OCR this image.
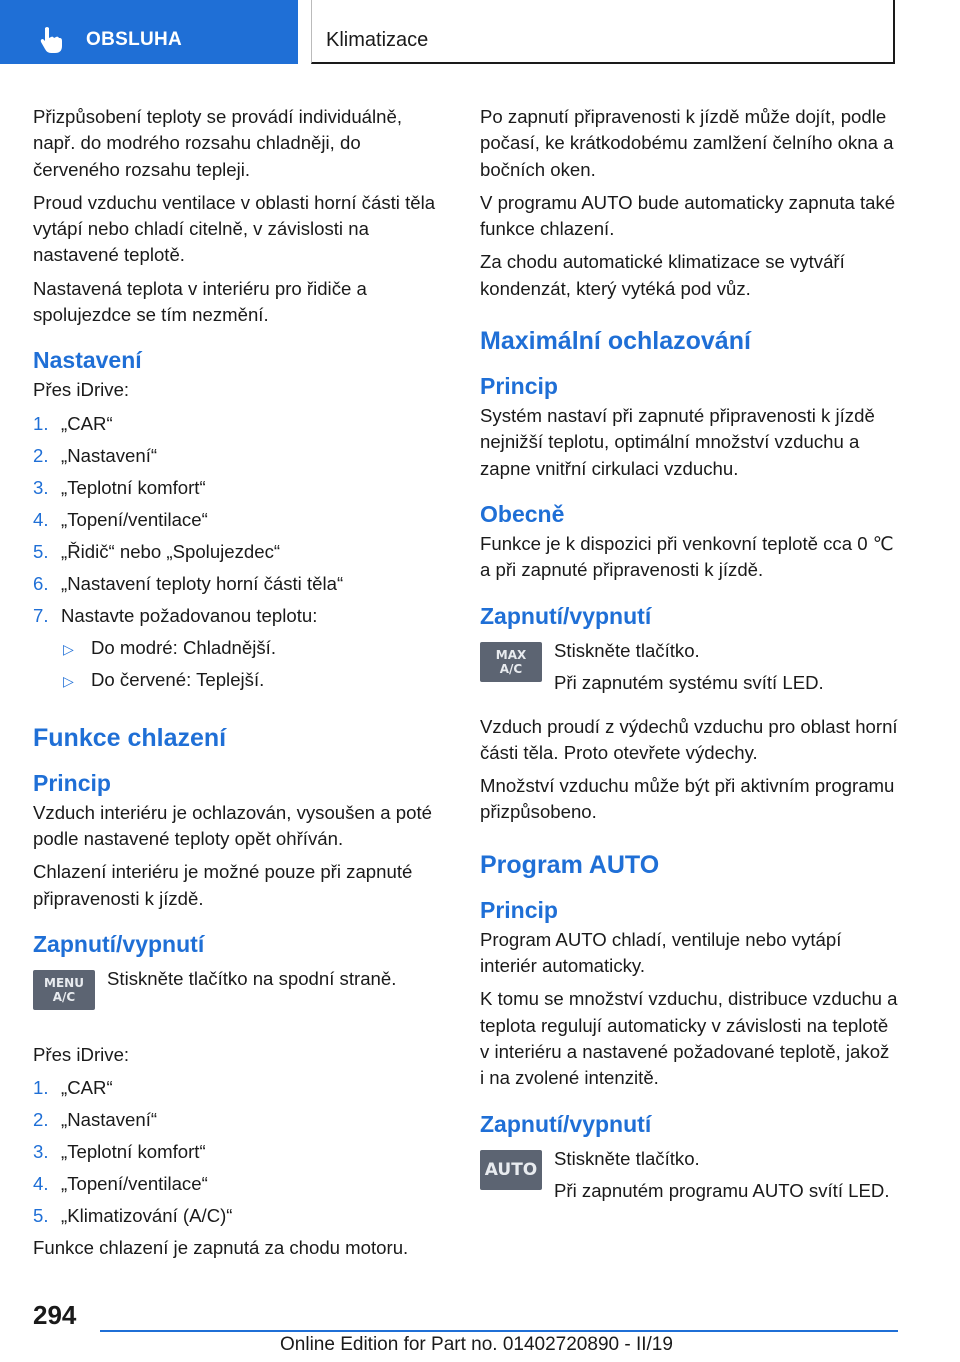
OBSLUHA	Klimatizace

Přizpůsobení teploty se provádí individuálně, např. do modrého rozsahu chladněji, do červeného rozsahu tepleji.

Proud vzduchu ventilace v oblasti horní části těla vytápí nebo chladí citelně, v závislosti na nastavené teplotě.

Nastavená teplota v interiéru pro řidiče a spolujezdce se tím nezmění.

Nastavení

Přes iDrive:

1. „CAR“
2. „Nastavení“
3. „Teplotní komfort“
4. „Topení/ventilace“
5. „Řidič“ nebo „Spolujezdec“
6. „Nastavení teploty horní části těla“
7. Nastavte požadovanou teplotu:
▷ Do modré: Chladnější.
▷ Do červené: Teplejší.
Funkce chlazení
Princip

Vzduch interiéru je ochlazován, vysoušen a poté podle nastavené teploty opět ohříván.

Chlazení interiéru je možné pouze při zapnuté připravenosti k jízdě.

Zapnutí/vypnutí
MENU
A/C

Stiskněte tlačítko na spodní straně.

Přes iDrive:

1. „CAR“
2. „Nastavení“
3. „Teplotní komfort“
4. „Topení/ventilace“
5. „Klimatizování (A/C)“

Funkce chlazení je zapnutá za chodu motoru.

Po zapnutí připravenosti k jízdě může dojít, podle počasí, ke krátkodobému zamlžení čelního okna a bočních oken.

V programu AUTO bude automaticky zapnuta také funkce chlazení.

Za chodu automatické klimatizace se vytváří kondenzát, který vytéká pod vůz.

Maximální ochlazování
Princip

Systém nastaví při zapnuté připravenosti k jízdě nejnižší teplotu, optimální množství vzduchu a zapne vnitřní cirkulaci vzduchu.

Obecně

Funkce je k dispozici při venkovní teplotě cca 0 ℃ a při zapnuté připravenosti k jízdě.

Zapnutí/vypnutí
MAX
A/C

Stiskněte tlačítko.

Při zapnutém systému svítí LED.

Vzduch proudí z výdechů vzduchu pro oblast horní části těla. Proto otevřete výdechy.

Množství vzduchu může být při aktivním programu přizpůsobeno.

Program AUTO
Princip

Program AUTO chladí, ventiluje nebo vytápí interiér automaticky.

K tomu se množství vzduchu, distribuce vzduchu a teplota regulují automaticky v závislosti na teplotě v interiéru a nastavené požadované teplotě, jakož i na zvolené intenzitě.

Zapnutí/vypnutí
AUTO

Stiskněte tlačítko.

Při zapnutém programu AUTO svítí LED.

294
Online Edition for Part no. 01402720890 - II/19
